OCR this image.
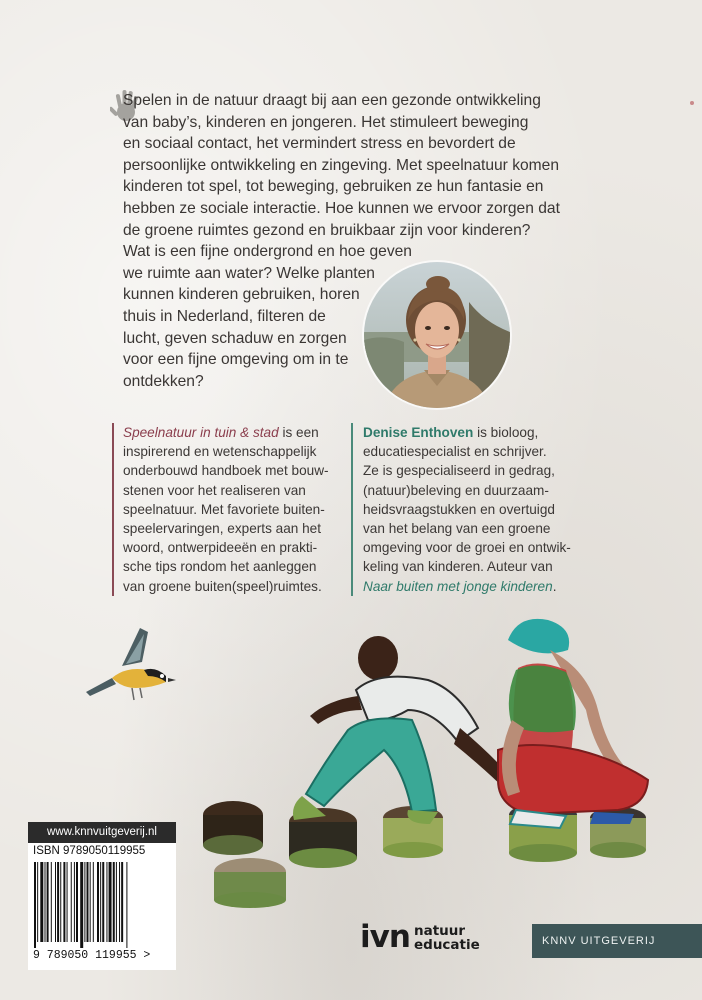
Spelen in de natuur draagt bij aan een gezonde ontwikkeling
van baby’s, kinderen en jongeren. Het stimuleert beweging
en sociaal contact, het vermindert stress en bevordert de
persoonlijke ontwikkeling en zingeving. Met speelnatuur komen
kinderen tot spel, tot beweging, gebruiken ze hun fantasie en
hebben ze sociale interactie. Hoe kunnen we ervoor zorgen dat
de groene ruimtes gezond en bruikbaar zijn voor kinderen?
Wat is een fijne ondergrond en hoe geven
we ruimte aan water? Welke planten
kunnen kinderen gebruiken, horen
thuis in Nederland, filteren de
lucht, geven schaduw en zorgen
voor een fijne omgeving om in te
ontdekken?

Speelnatuur in tuin & stad is een
inspirerend en wetenschappelijk
onderbouwd handboek met bouw-
stenen voor het realiseren van
speelnatuur. Met favoriete buiten-
speelervaringen, experts aan het
woord, ontwerpideeën en prakti-
sche tips rondom het aanleggen
van groene buiten(speel)ruimtes.
Denise Enthoven is bioloog,
educatiespecialist en schrijver.
Ze is gespecialiseerd in gedrag,
(natuur)beleving en duurzaam-
heidsvraagstukken en overtuigd
van het belang van een groene
omgeving voor de groei en ontwik-
keling van kinderen. Auteur van
Naar buiten met jonge kinderen.
www.knnvuitgeverij.nl
ISBN 9789050119955
9 789050 119955 >
ivn natuur
educatie	KNNV UITGEVERIJ
